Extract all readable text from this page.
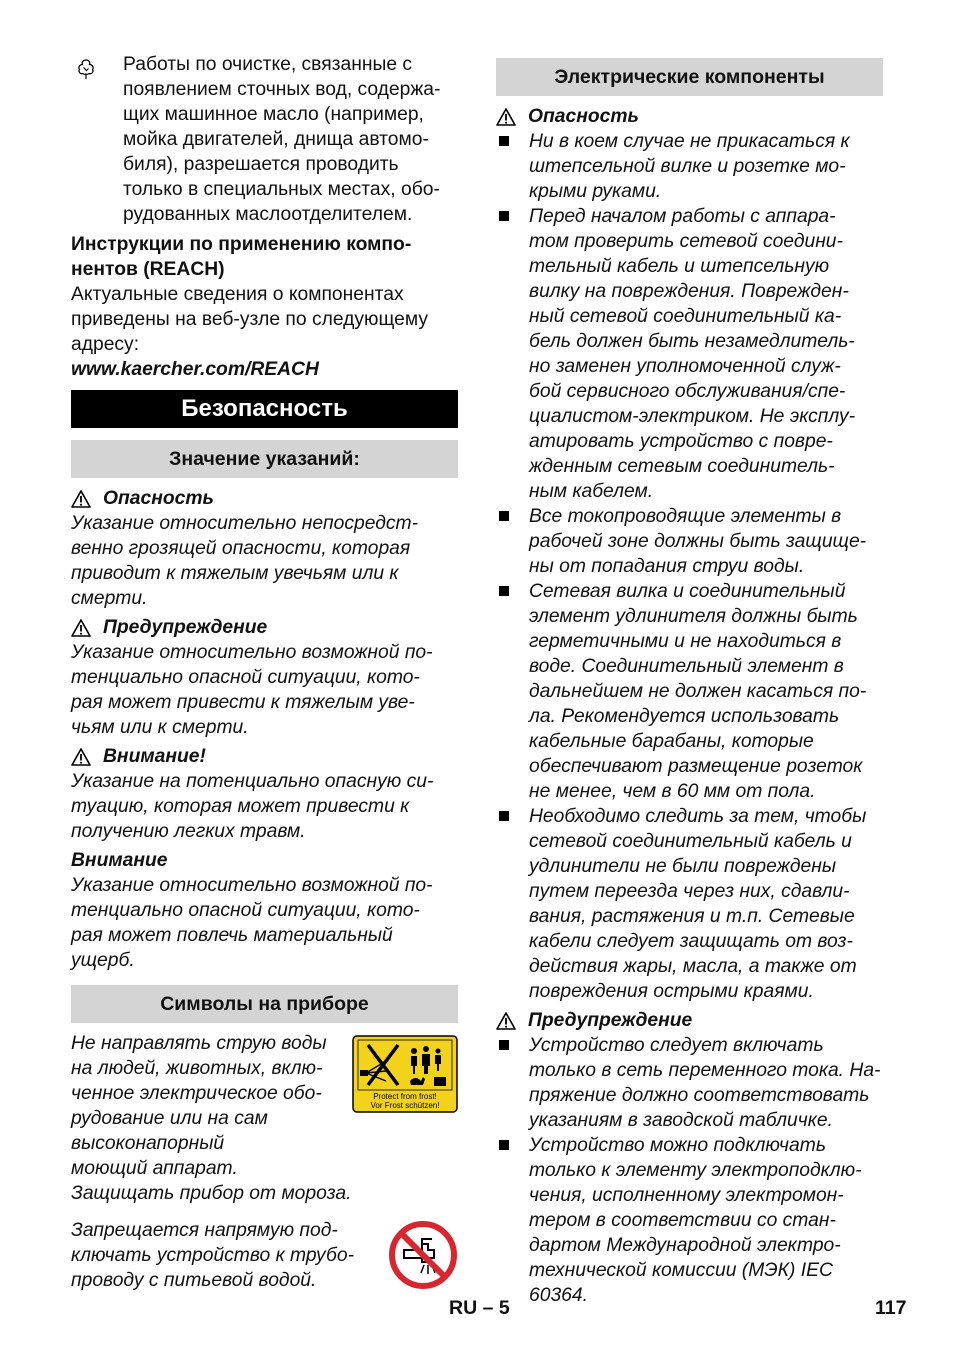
Работы по очистке, связанные с

появлением сточных вод, содержа-

щих машинное масло (например,

мойка двигателей, днища автомо-

биля), разрешается проводить

только в специальных местах, обо-

рудованных маслоотделителем.

Инструкции по применению компо-

нентов (REACH)

Актуальные сведения о компонентах

приведены на веб-узле по следующему

адресу:

www.kaercher.com/REACH

Безопасность
Значение указаний:
Опасность

Указание относительно непосредст-

венно грозящей опасности, которая

приводит к тяжелым увечьям или к

смерти.

Предупреждение

Указание относительно возможной по-

тенциально опасной ситуации, кото-

рая может привести к тяжелым уве-

чьям или к смерти.

Внимание!

Указание на потенциально опасную си-

туацию, которая может привести к

получению легких травм.

Внимание

Указание относительно возможной по-

тенциально опасной ситуации, кото-

рая может повлечь материальный

ущерб.

Символы на приборе
Protect from frost!
Vor Frost schützen!

Не направлять струю воды

на людей, животных, вклю-

ченное электрическое обо-

рудование или на сам высоконапорный

моющий аппарат.

Защищать прибор от мороза.

Запрещается напрямую под-

ключать устройство к трубо-

проводу с питьевой водой.

Электрические компоненты
Опасность

Ни в коем случае не прикасаться к

штепсельной вилке и розетке мо-

крыми руками.

Перед началом работы с аппара-

том проверить сетевой соедини-

тельный кабель и штепсельную

вилку на повреждения. Поврежден-

ный сетевой соединительный ка-

бель должен быть незамедлитель-

но заменен уполномоченной служ-

бой сервисного обслуживания/спе-

циалистом-электриком. Не эксплу-

атировать устройство с повре-

жденным сетевым соединитель-

ным кабелем.

Все токопроводящие элементы в

рабочей зоне должны быть защище-

ны от попадания струи воды.

Сетевая вилка и соединительный

элемент удлинителя должны быть

герметичными и не находиться в

воде. Соединительный элемент в

дальнейшем не должен касаться по-

ла. Рекомендуется использовать

кабельные барабаны, которые

обеспечивают размещение розеток

не менее, чем в 60 мм от пола.

Необходимо следить за тем, чтобы

сетевой соединительный кабель и

удлинители не были повреждены

путем переезда через них, сдавли-

вания, растяжения и т.п. Сетевые

кабели следует защищать от воз-

действия жары, масла, а также от

повреждения острыми краями.

Предупреждение

Устройство следует включать

только в сеть переменного тока. На-

пряжение должно соответствовать

указаниям в заводской табличке.

Устройство можно подключать

только к элементу электроподклю-

чения, исполненному электромон-

тером в соответствии со стан-

дартом Международной электро-

технической комиссии (МЭК) IEC

60364.

RU – 5	117
